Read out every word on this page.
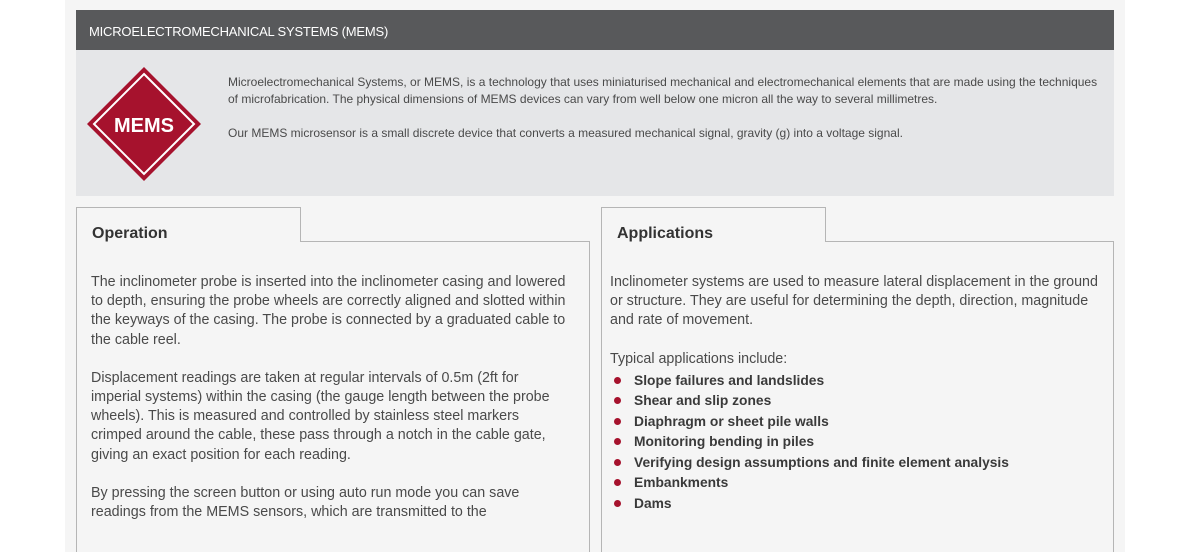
MICROELECTROMECHANICAL SYSTEMS (MEMS)
MEMS

Microelectromechanical Systems, or MEMS, is a technology that uses miniaturised mechanical and electromechanical elements that are made using the techniques of microfabrication. The physical dimensions of MEMS devices can vary from well below one micron all the way to several millimetres.

Our MEMS microsensor is a small discrete device that converts a measured mechanical signal, gravity (g) into a voltage signal.

Operation

The inclinometer probe is inserted into the inclinometer casing and lowered to depth, ensuring the probe wheels are correctly aligned and slotted within the keyways of the casing. The probe is connected by a graduated cable to the cable reel.

Displacement readings are taken at regular intervals of 0.5m (2ft for imperial systems) within the casing (the gauge length between the probe wheels). This is measured and controlled by stainless steel markers crimped around the cable, these pass through a notch in the cable gate, giving an exact position for each reading.

By pressing the screen button or using auto run mode you can save readings from the MEMS sensors, which are transmitted to the

Applications

Inclinometer systems are used to measure lateral displacement in the ground or structure. They are useful for determining the depth, direction, magnitude and rate of movement.

Typical applications include:

Slope failures and landslides
Shear and slip zones
Diaphragm or sheet pile walls
Monitoring bending in piles
Verifying design assumptions and finite element analysis
Embankments
Dams
